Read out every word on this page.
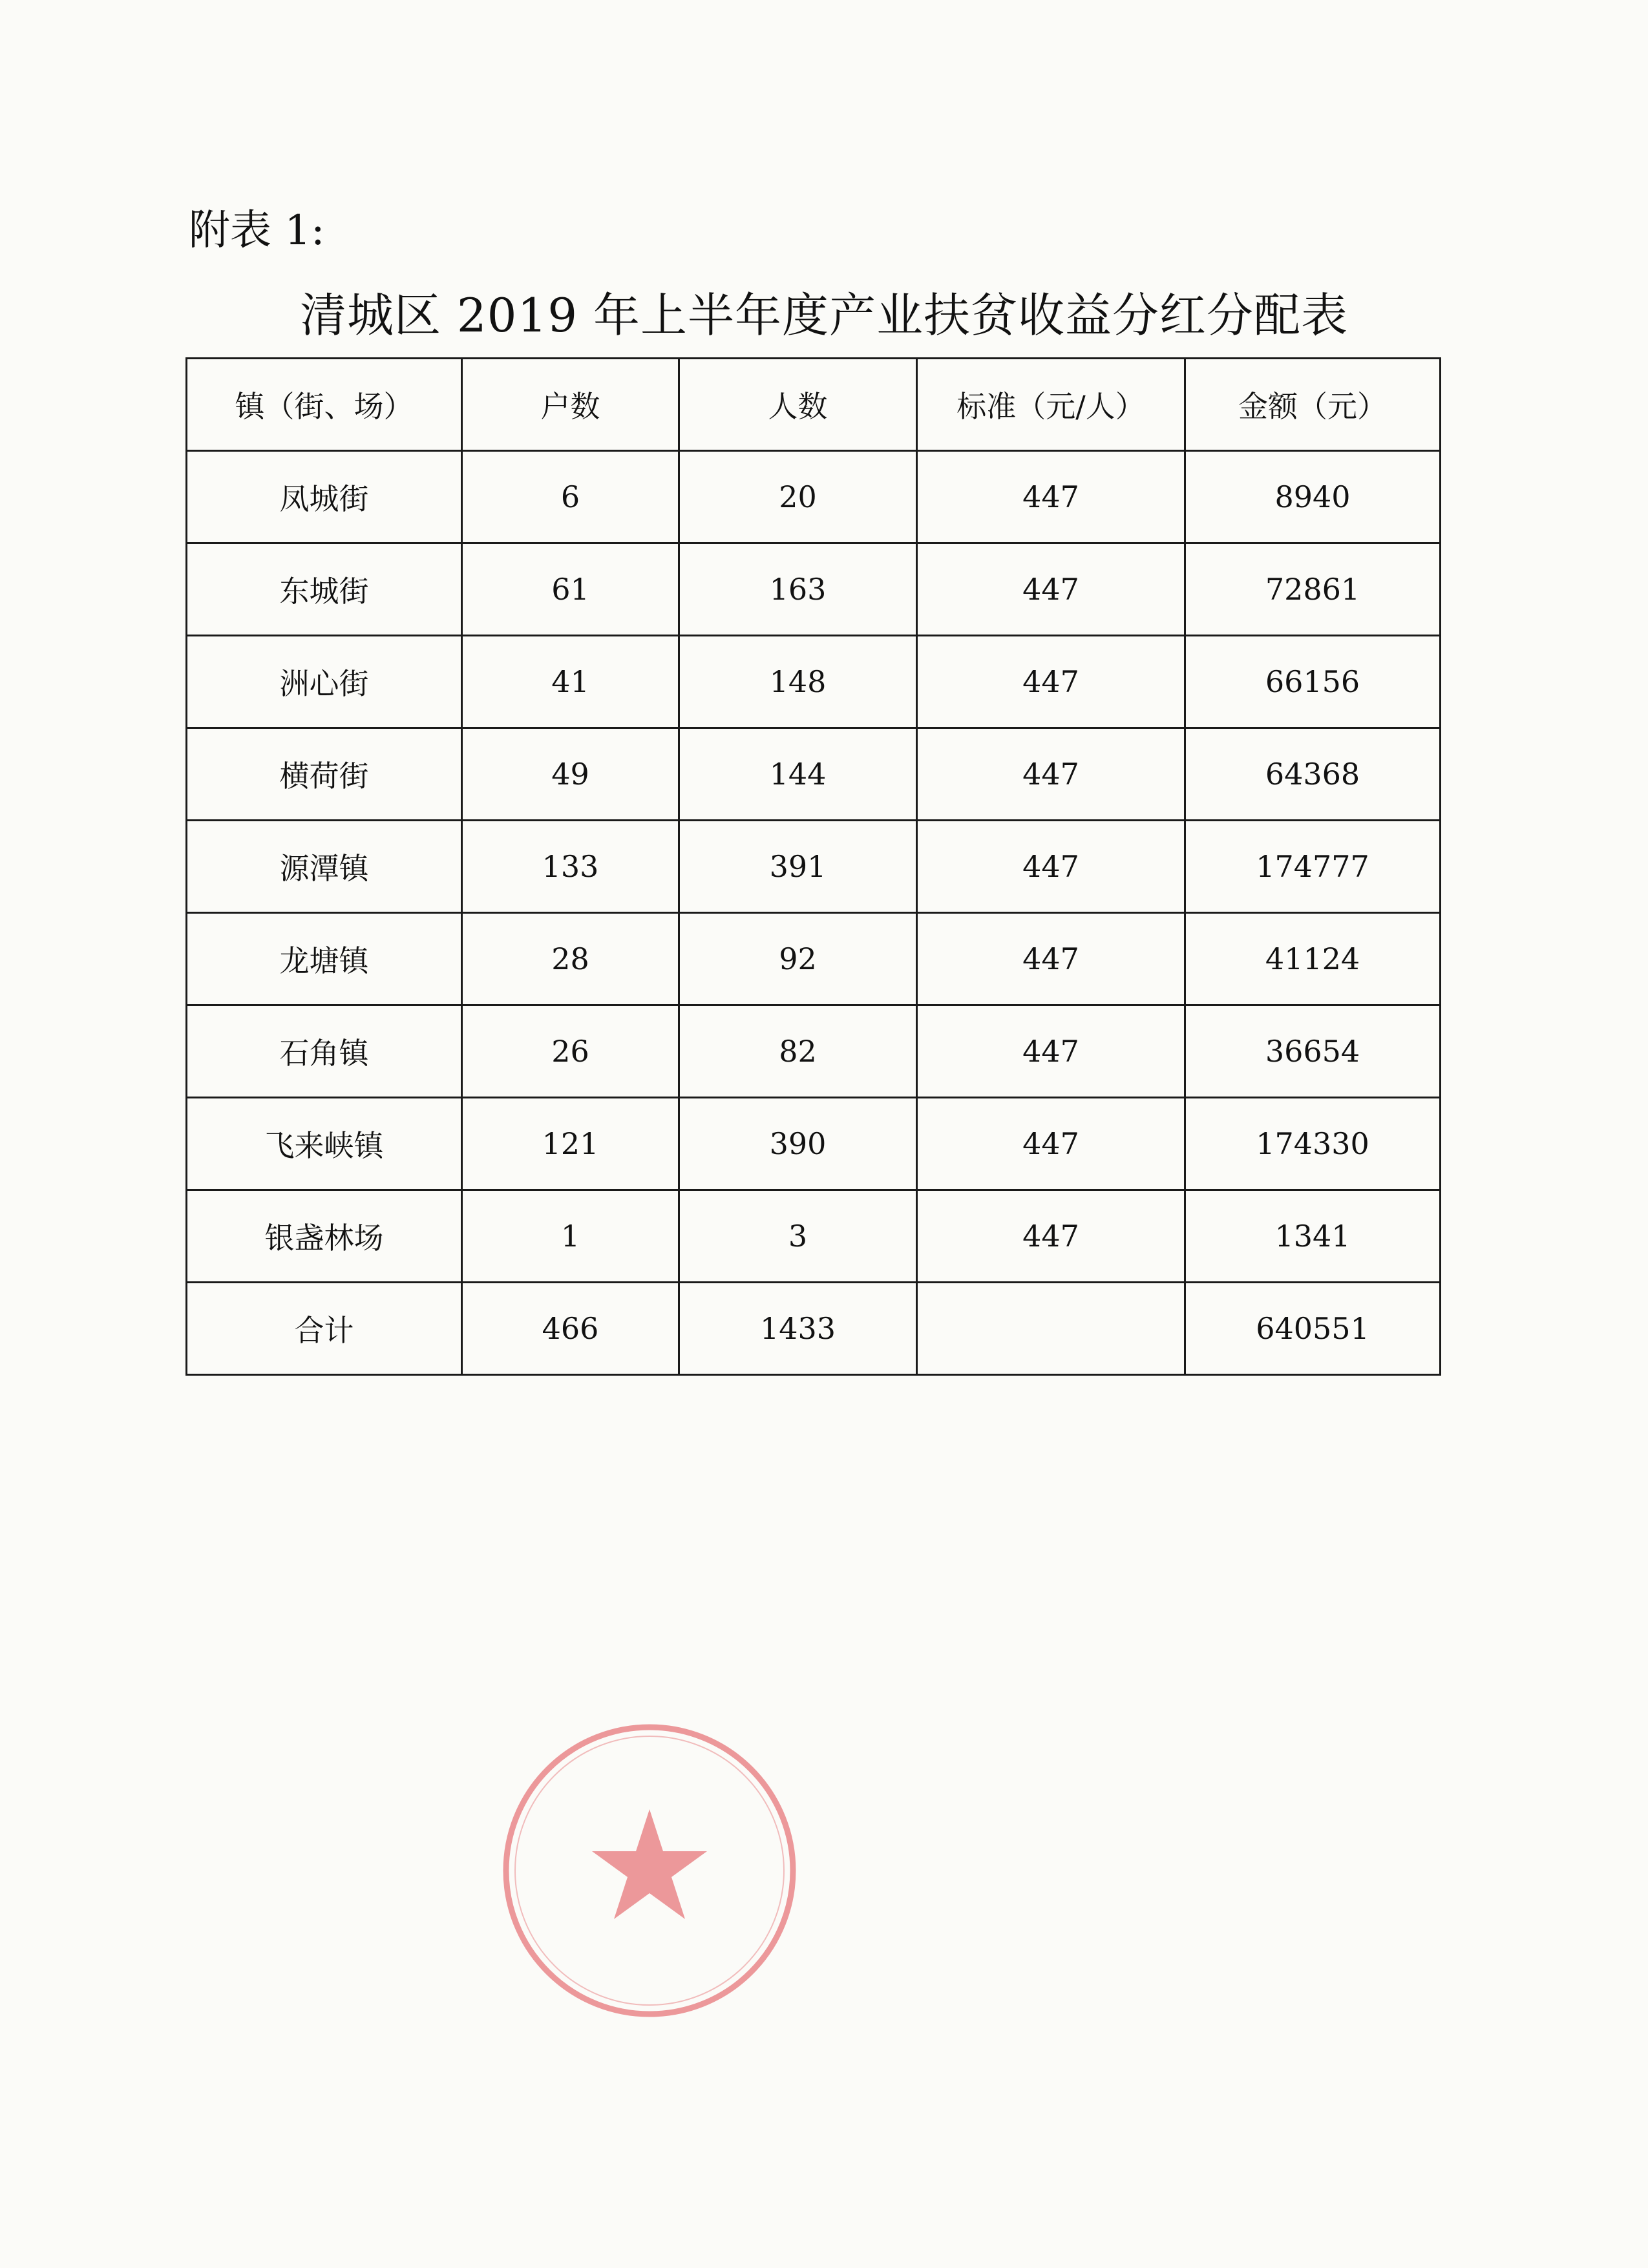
附表 1:
清城区 2019 年上半年度产业扶贫收益分红分配表
镇（街、场）	户数	人数	标准（元/人）	金额（元）
凤城街	6	20	447	8940
东城街	61	163	447	72861
洲心街	41	148	447	66156
横荷街	49	144	447	64368
源潭镇	133	391	447	174777
龙塘镇	28	92	447	41124
石角镇	26	82	447	36654
飞来峡镇	121	390	447	174330
银盏林场	1	3	447	1341
合计	466	1433		640551
